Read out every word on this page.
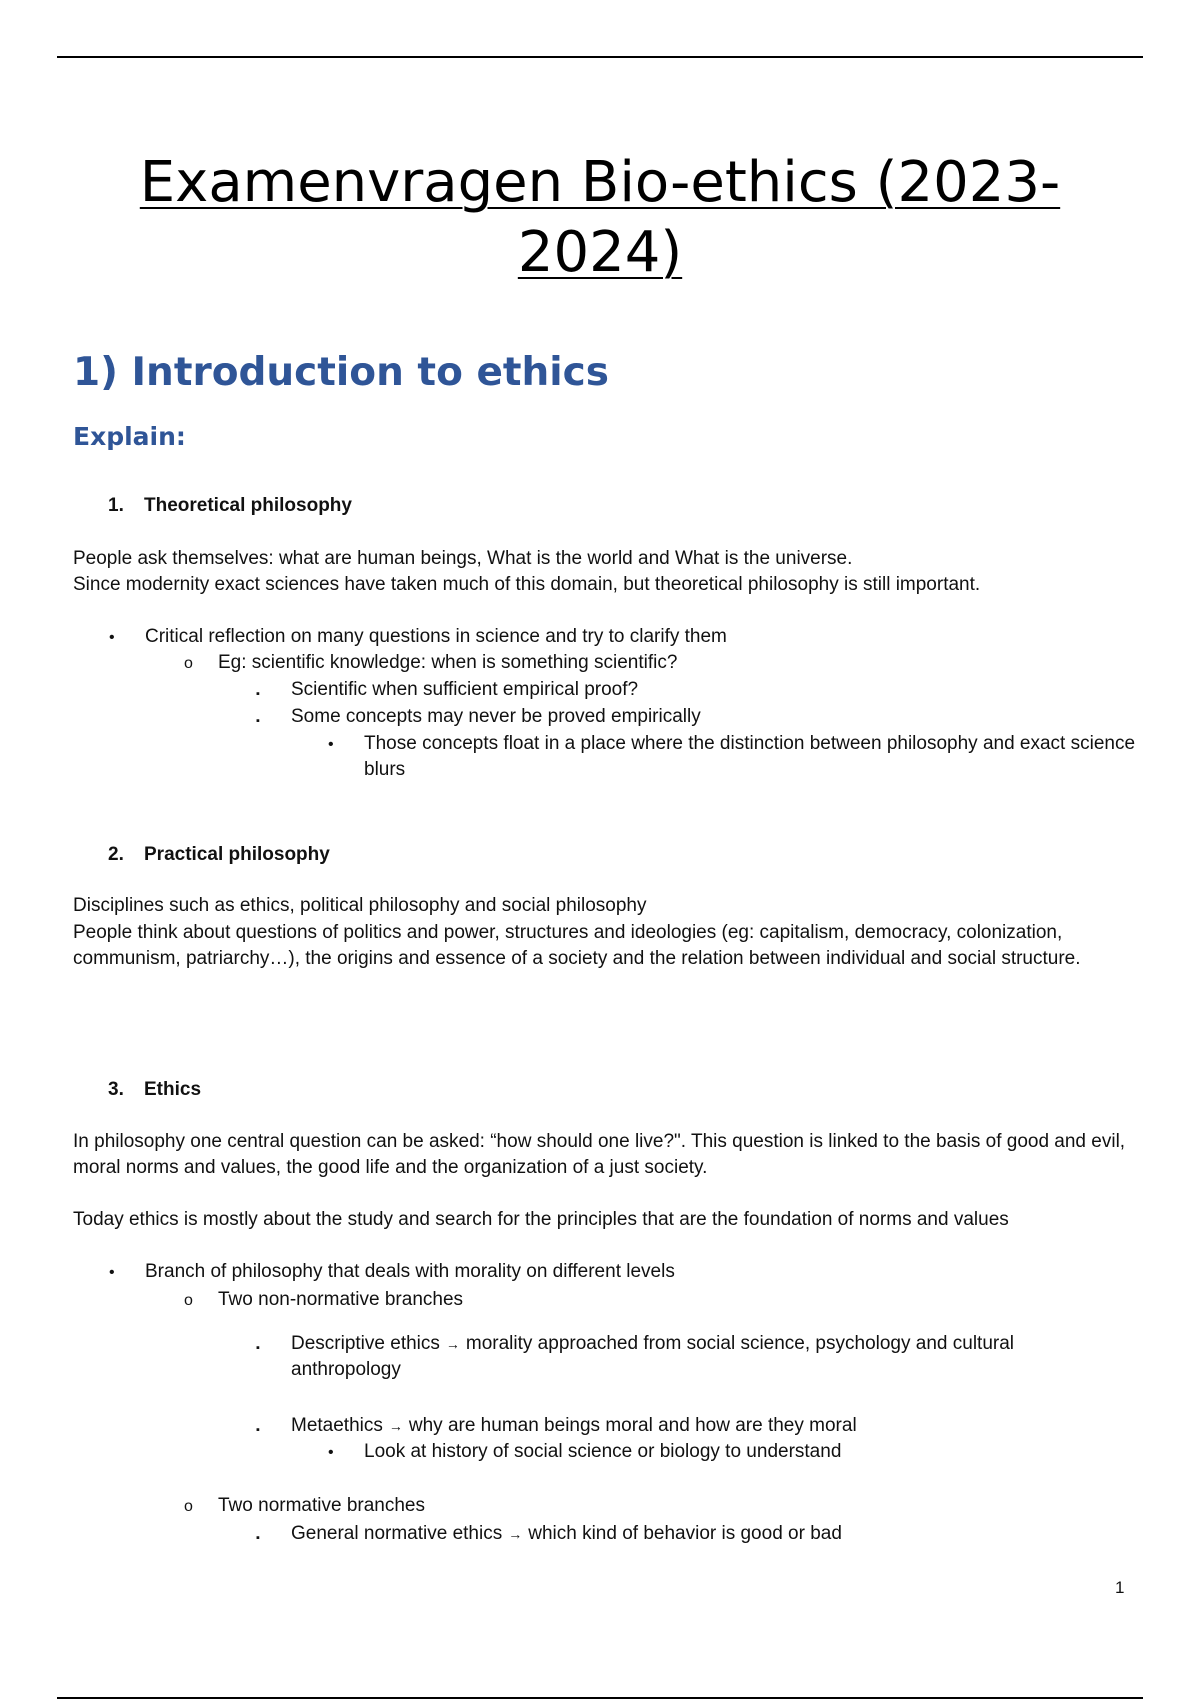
Examenvragen Bio-ethics (2023-
2024)
1) Introduction to ethics
Explain:
1. Theoretical philosophy
People ask themselves: what are human beings, What is the world and What is the universe.
Since modernity exact sciences have taken much of this domain, but theoretical philosophy is still important.
• Critical reflection on many questions in science and try to clarify them
o Eg: scientific knowledge: when is something scientific?
▪ Scientific when sufficient empirical proof?
▪ Some concepts may never be proved empirically
• Those concepts float in a place where the distinction between philosophy and exact science blurs
2. Practical philosophy
Disciplines such as ethics, political philosophy and social philosophy
People think about questions of politics and power, structures and ideologies (eg: capitalism, democracy, colonization, communism, patriarchy…), the origins and essence of a society and the relation between individual and social structure.
3. Ethics
In philosophy one central question can be asked: “how should one live?". This question is linked to the basis of good and evil, moral norms and values, the good life and the organization of a just society.
Today ethics is mostly about the study and search for the principles that are the foundation of norms and values
• Branch of philosophy that deals with morality on different levels
o Two non-normative branches
▪ Descriptive ethics → morality approached from social science, psychology and cultural anthropology
▪ Metaethics → why are human beings moral and how are they moral
• Look at history of social science or biology to understand
o Two normative branches
▪ General normative ethics → which kind of behavior is good or bad
1
